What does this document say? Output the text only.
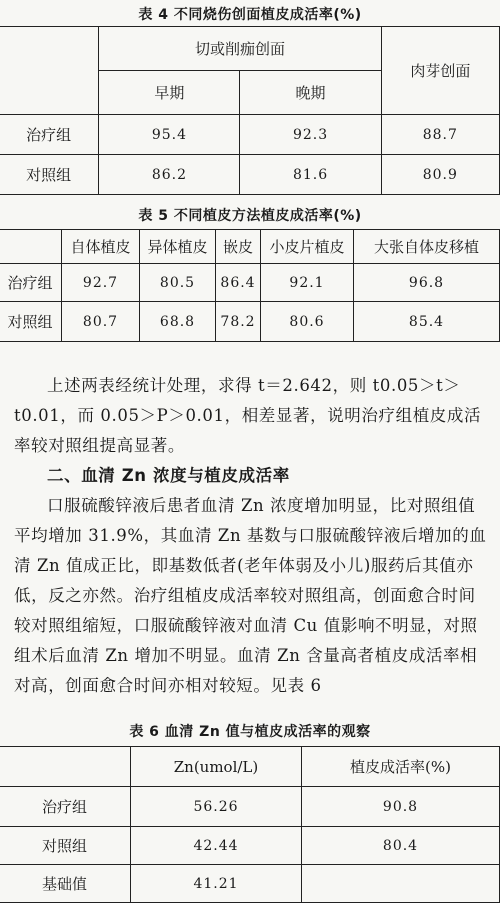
表 4 不同烧伤创面植皮成活率(%)
	切或削痂创面		肉芽创面
	早期	晚期	
治疗组	95.4	92.3	88.7
对照组	86.2	81.6	80.9
表 5 不同植皮方法植皮成活率(%)
	自体植皮	异体植皮	嵌皮	小皮片植皮	大张自体皮移植
治疗组	92.7	80.5	86.4	92.1	96.8
对照组	80.7	68.8	78.2	80.6	85.4

上述两表经统计处理，求得 t＝2.642，则 t0.05＞t＞t0.01，而 0.05＞P＞0.01，相差显著，说明治疗组植皮成活率较对照组提高显著。

二、血清 Zn 浓度与植皮成活率

口服硫酸锌液后患者血清 Zn 浓度增加明显，比对照组值平均增加 31.9%，其血清 Zn 基数与口服硫酸锌液后增加的血清 Zn 值成正比，即基数低者(老年体弱及小儿)服药后其值亦低，反之亦然。治疗组植皮成活率较对照组高，创面愈合时间较对照组缩短，口服硫酸锌液对血清 Cu 值影响不明显，对照组术后血清 Zn 增加不明显。血清 Zn 含量高者植皮成活率相对高，创面愈合时间亦相对较短。见表 6

表 6 血清 Zn 值与植皮成活率的观察
	Zn(umol/L)	植皮成活率(%)
治疗组	56.26	90.8
对照组	42.44	80.4
基础值	41.21	
